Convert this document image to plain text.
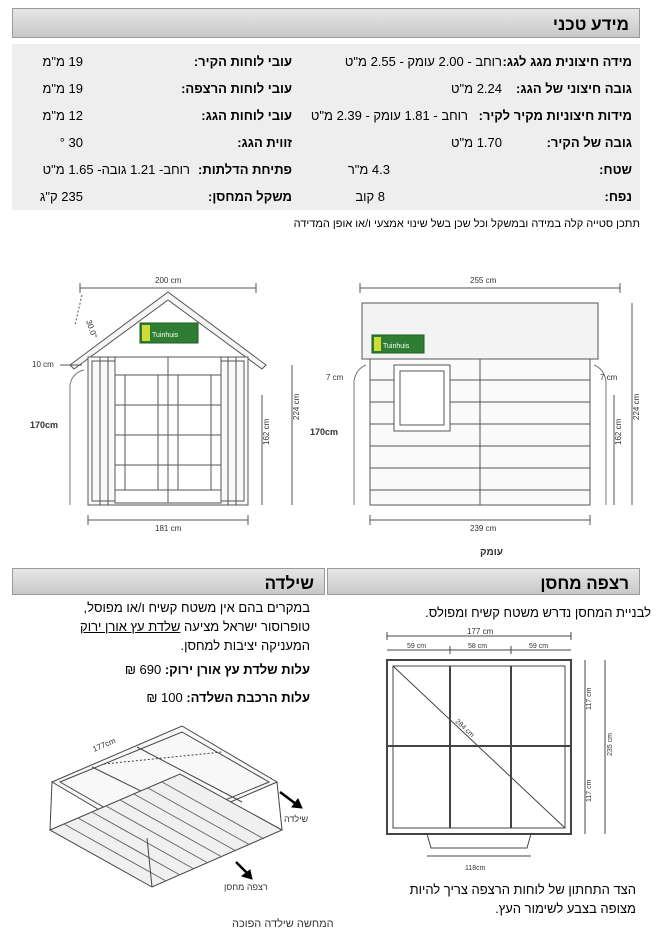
מידע טכני
מידה חיצונית מגג לגג:
רוחב - 2.00 עומק - 2.55 מ"ט
עובי לוחות הקיר:
19 מ"מ
גובה חיצוני של הגג:
2.24 מ"ט
עובי לוחות הרצפה:
19 מ"מ
מידות חיצוניות מקיר לקיר:
רוחב - 1.81 עומק - 2.39 מ"ט
עובי לוחות הגג:
12 מ"מ
גובה של הקיר:
1.70 מ"ט
זווית הגג:
30 °
שטח:
4.3 מ"ר
פתיחת הדלתות:
רוחב- 1.21 גובה- 1.65 מ"ט
נפח:
8 קוב
משקל המחסן:
235 ק"ג
תתכן סטייה קלה במידה ובמשקל וכל שכן בשל שינוי אמצעי ו/או אופן המדידה
Tuinhuis
200 cm
30.0°
10 cm
170cm
224 cm
162 cm
181 cm
Tuinhuis
255 cm
7 cm	7 cm
170cm
224 cm
162 cm
239 cm
עומק
שילדה
במקרים בהם אין משטח קשיח ו/או מפוסל,
טופרוסור ישראל מציעה שלדת עץ אורן ירוק
המעניקה יציבות למחסן.
עלות שלדת עץ אורן ירוק: 690 ₪
עלות הרכבת השלדה: 100 ₪
177cm
שילדה
רצפה מחסן
המחשה שילדה הפוכה
רצפה מחסן
לבניית המחסן נדרש משטח קשיח ומפולס.
177 cm
59 cm	58 cm	59 cm
117 cm
117 cm
235 cm
284 cm
118cm
הצד התחתון של לוחות הרצפה צריך להיות
מצופה בצבע לשימור העץ.
